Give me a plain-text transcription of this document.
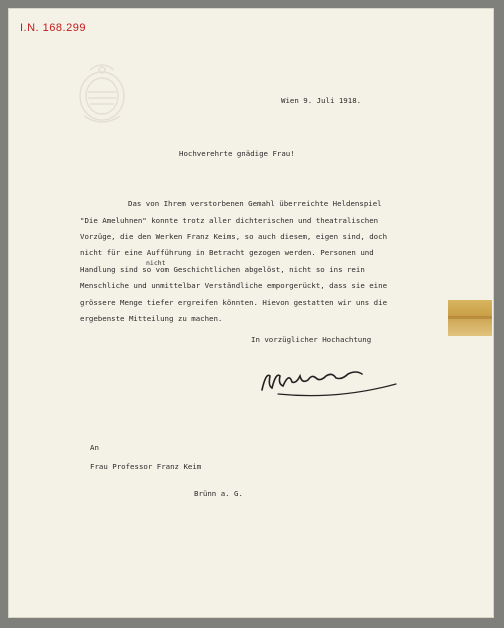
I.N. 168.299
Wien 9. Juli 1918.
Hochverehrte gnädige Frau!
Das von Ihrem verstorbenen Gemahl überreichte Heldenspiel
"Die Ameluhnen" konnte trotz aller dichterischen und theatralischen
Vorzüge, die den Werken Franz Keims, so auch diesem, eigen sind, doch
nicht für eine Aufführung in Betracht gezogen werden. Personen und
nicht
Handlung sind so vom Geschichtlichen abgelöst, nicht so ins rein
Menschliche und unmittelbar Verständliche emporgerückt, dass sie eine
grössere Menge tiefer ergreifen könnten. Hievon gestatten wir uns die
ergebenste Mitteilung zu machen.
In vorzüglicher Hochachtung
An
Frau Professor Franz Keim
Brünn a. G.
